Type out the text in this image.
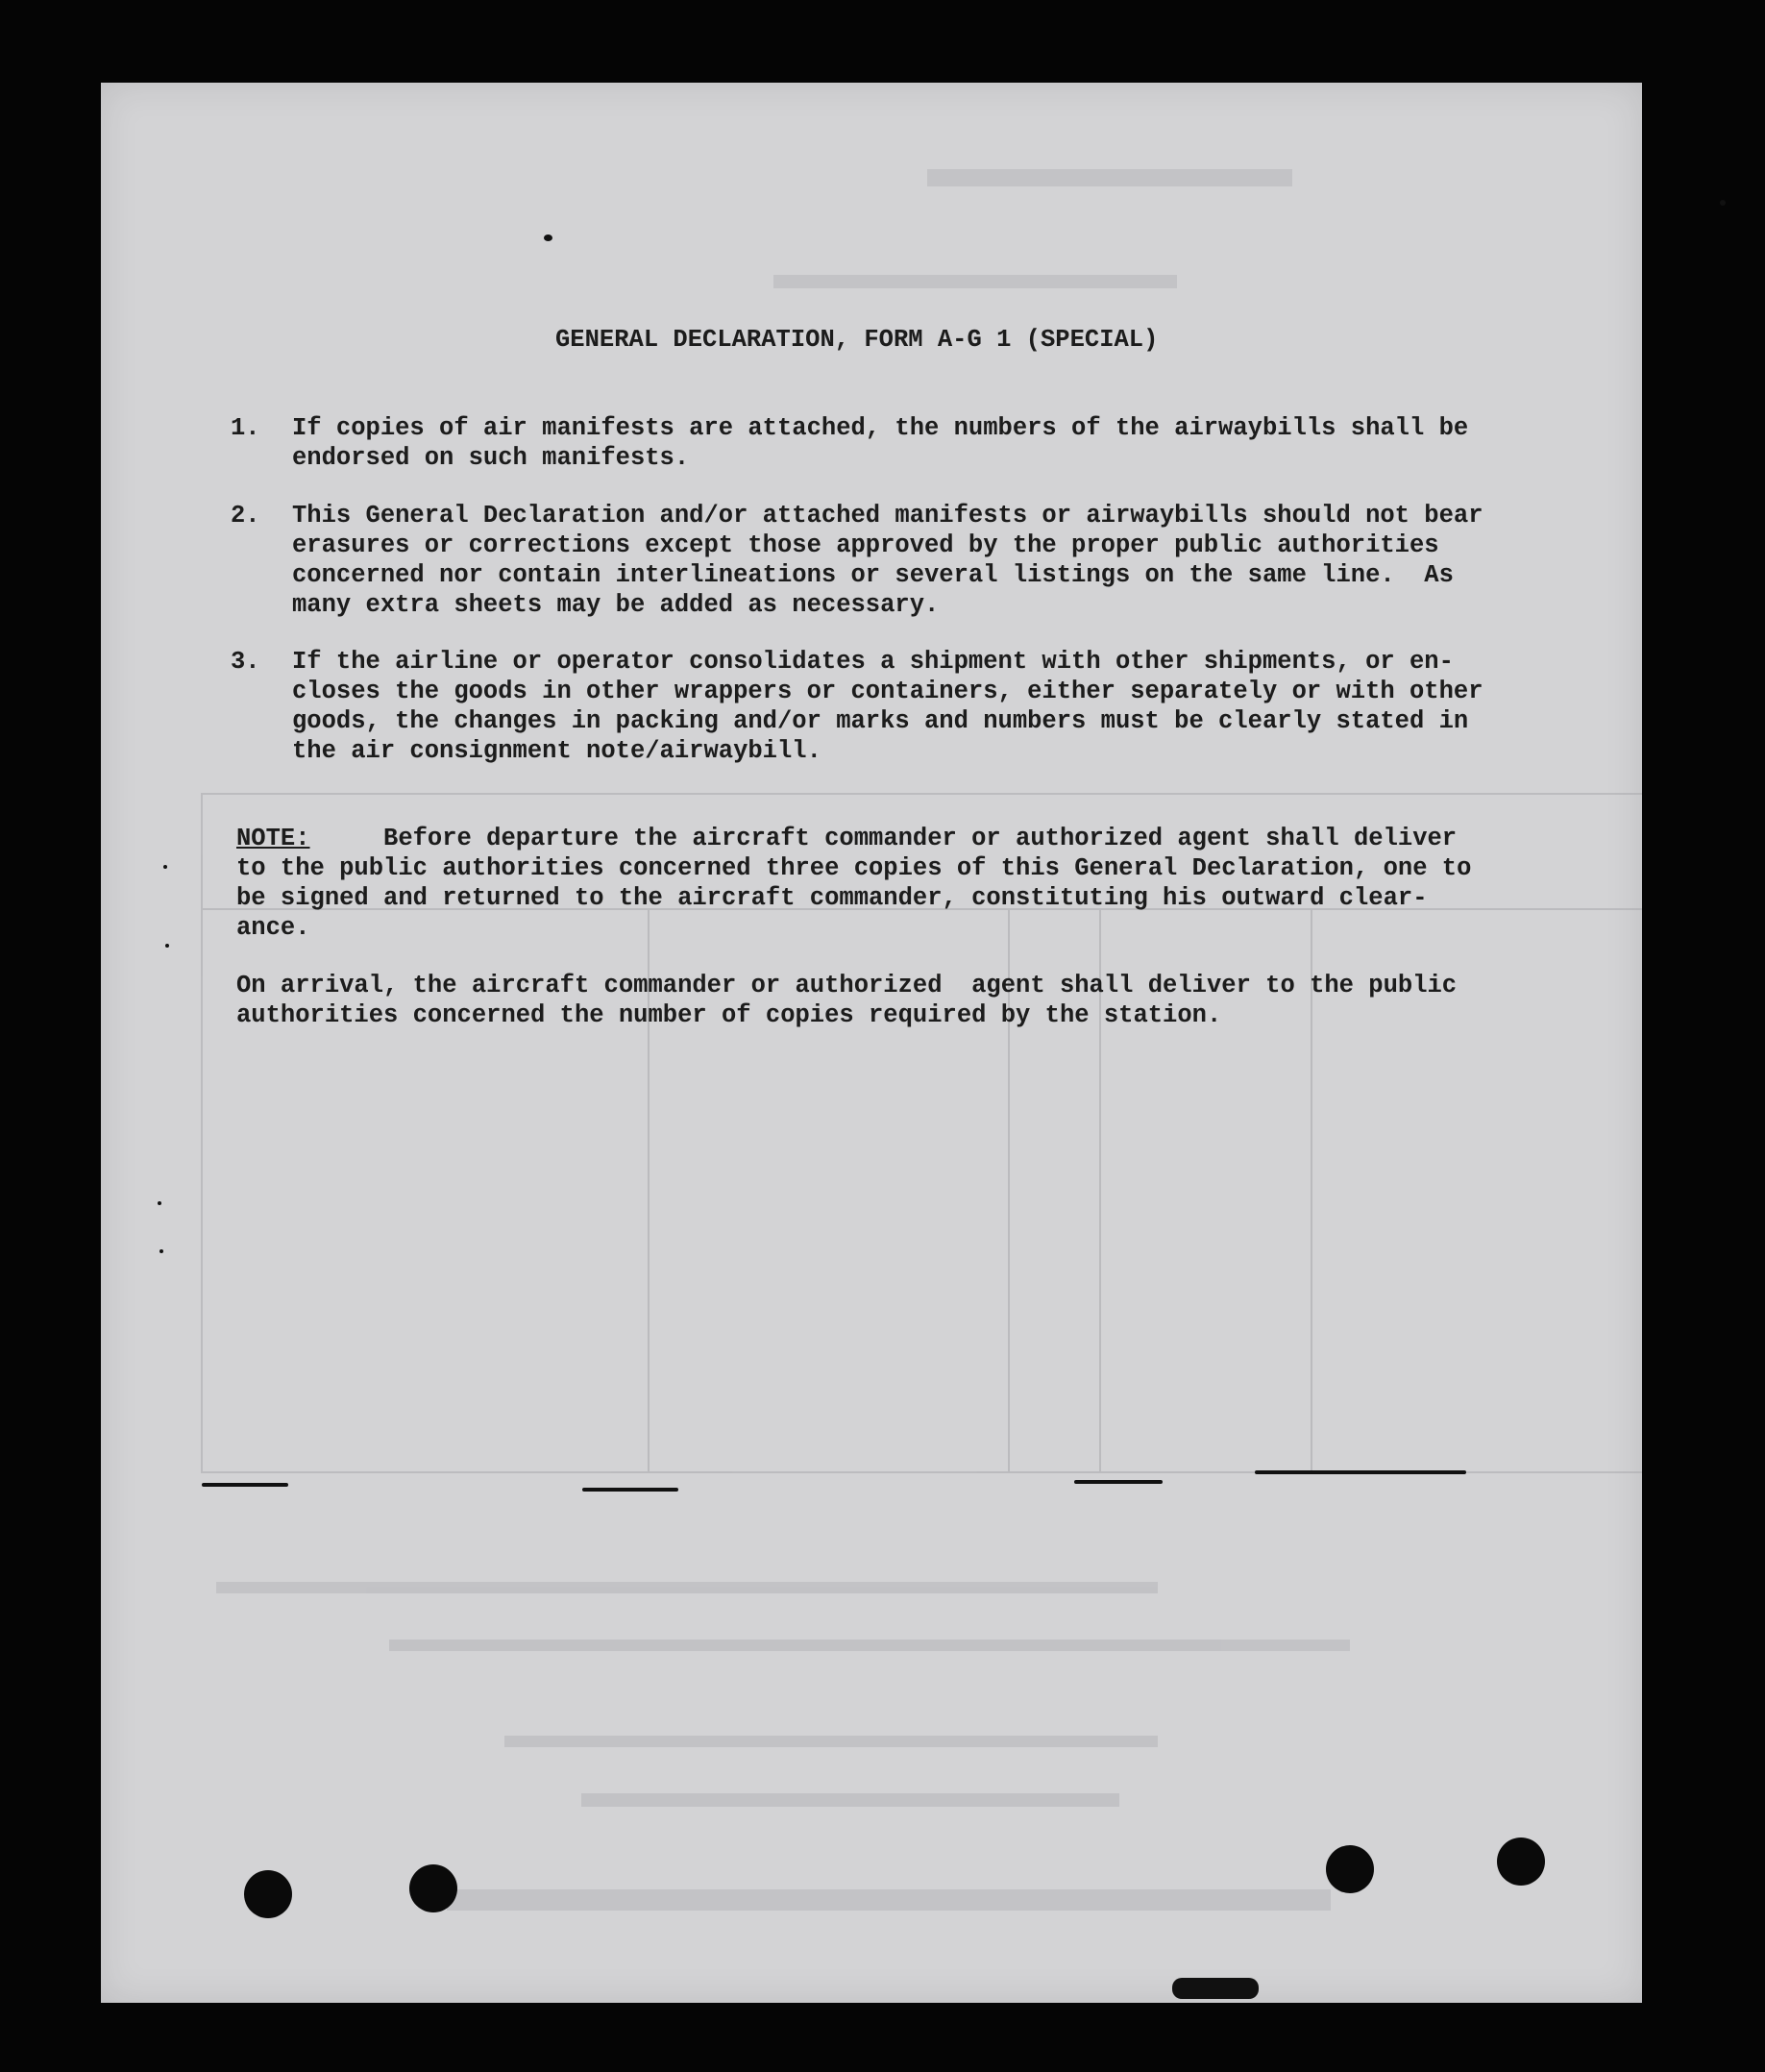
GENERAL DECLARATION, FORM A-G 1 (SPECIAL)

1. If copies of air manifests are attached, the numbers of the airwaybills shall be
endorsed on such manifests.
2. This General Declaration and/or attached manifests or airwaybills should not bear
erasures or corrections except those approved by the proper public authorities
concerned nor contain interlineations or several listings on the same line.  As
many extra sheets may be added as necessary.
3. If the airline or operator consolidates a shipment with other shipments, or en-
closes the goods in other wrappers or containers, either separately or with other
goods, the changes in packing and/or marks and numbers must be clearly stated in
the air consignment note/airwaybill.
NOTE:     Before departure the aircraft commander or authorized agent shall deliver
to the public authorities concerned three copies of this General Declaration, one to
be signed and returned to the aircraft commander, constituting his outward clear-
ance.
On arrival, the aircraft commander or authorized  agent shall deliver to the public
authorities concerned the number of copies required by the station.
